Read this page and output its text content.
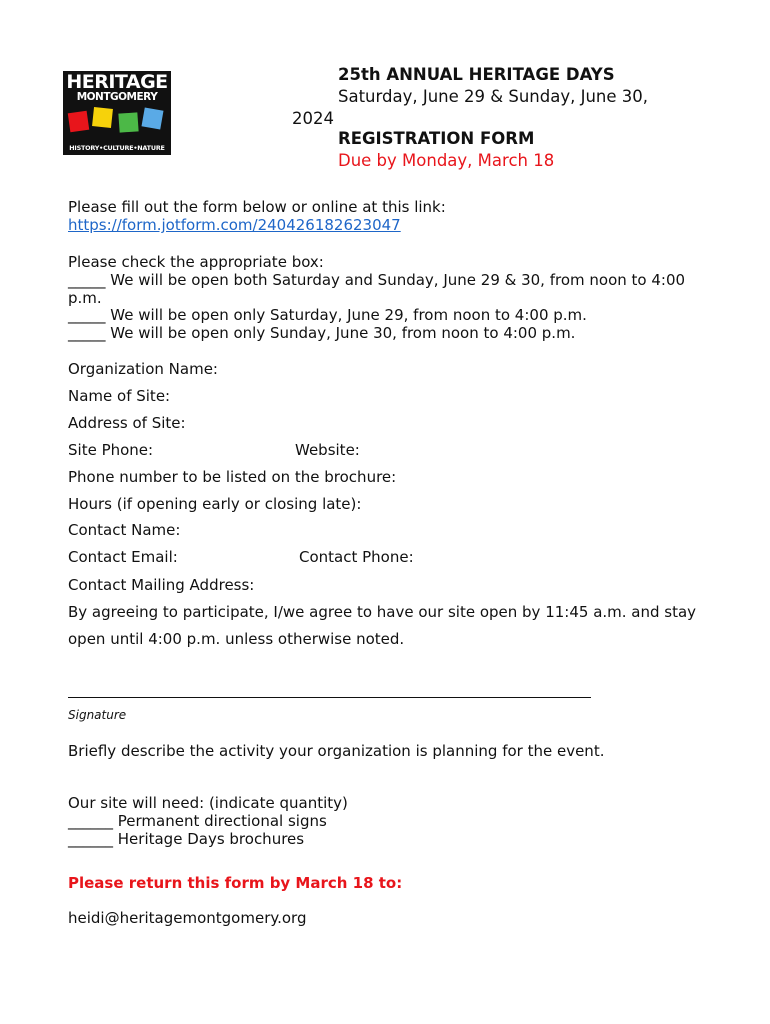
HERITAGE
MONTGOMERY
HISTORY•CULTURE•NATURE
25th ANNUAL HERITAGE DAYS
Saturday, June 29 & Sunday, June 30,
2024
REGISTRATION FORM
Due by Monday, March 18
Please fill out the form below or online at this link:
https://form.jotform.com/240426182623047
Please check the appropriate box:
_____ We will be open both Saturday and Sunday, June 29 & 30, from noon to 4:00
p.m.
_____ We will be open only Saturday, June 29, from noon to 4:00 p.m.
_____ We will be open only Sunday, June 30, from noon to 4:00 p.m.
Organization Name:
Name of Site:
Address of Site:
Site Phone:	Website:
Phone number to be listed on the brochure:
Hours (if opening early or closing late):
Contact Name:
Contact Email:	Contact Phone:
Contact Mailing Address:
By agreeing to participate, I/we agree to have our site open by 11:45 a.m. and stay
open until 4:00 p.m. unless otherwise noted.
Signature
Briefly describe the activity your organization is planning for the event.
Our site will need: (indicate quantity)
______ Permanent directional signs
______ Heritage Days brochures
Please return this form by March 18 to:
heidi@heritagemontgomery.org
